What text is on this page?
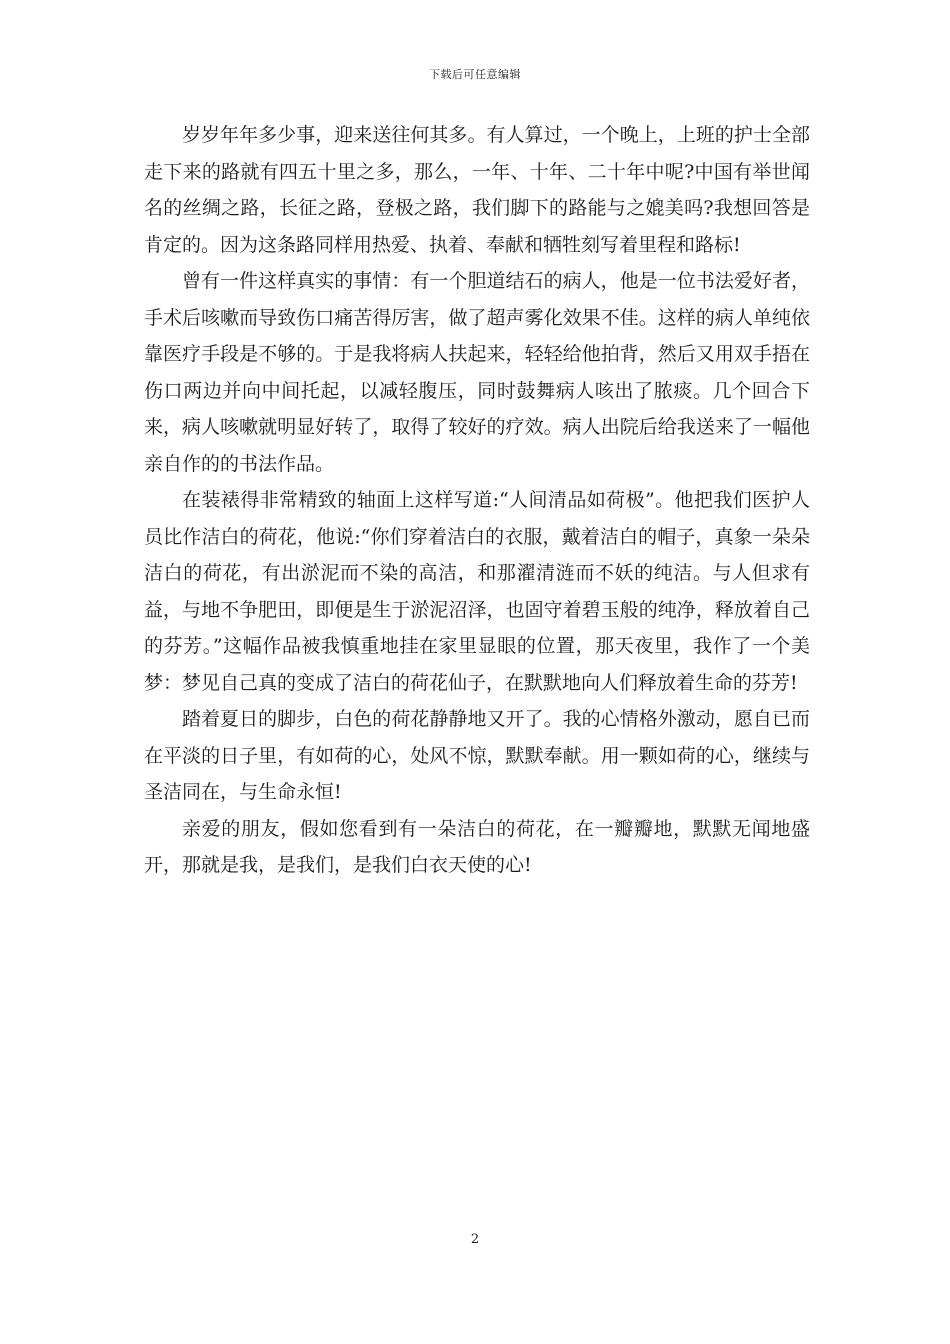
下载后可任意编辑

岁岁年年多少事，迎来送往何其多。有人算过，一个晚上，上班的护士全部走下来的路就有四五十里之多，那么，一年、十年、二十年中呢?中国有举世闻名的丝绸之路，长征之路，登极之路，我们脚下的路能与之媲美吗?我想回答是肯定的。因为这条路同样用热爱、执着、奉献和牺牲刻写着里程和路标!

曾有一件这样真实的事情：有一个胆道结石的病人，他是一位书法爱好者，手术后咳嗽而导致伤口痛苦得厉害，做了超声雾化效果不佳。这样的病人单纯依靠医疗手段是不够的。于是我将病人扶起来，轻轻给他拍背，然后又用双手捂在伤口两边并向中间托起，以减轻腹压，同时鼓舞病人咳出了脓痰。几个回合下来，病人咳嗽就明显好转了，取得了较好的疗效。病人出院后给我送来了一幅他亲自作的的书法作品。

在装裱得非常精致的轴面上这样写道:“人间清品如荷极”。他把我们医护人员比作洁白的荷花，他说:“你们穿着洁白的衣服，戴着洁白的帽子，真象一朵朵洁白的荷花，有出淤泥而不染的高洁，和那濯清涟而不妖的纯洁。与人但求有益，与地不争肥田，即便是生于淤泥沼泽，也固守着碧玉般的纯净，释放着自己的芬芳。”这幅作品被我慎重地挂在家里显眼的位置，那天夜里，我作了一个美梦：梦见自己真的变成了洁白的荷花仙子，在默默地向人们释放着生命的芬芳!

踏着夏日的脚步，白色的荷花静静地又开了。我的心情格外激动，愿自已而在平淡的日子里，有如荷的心，处风不惊，默默奉献。用一颗如荷的心，继续与圣洁同在，与生命永恒!

亲爱的朋友，假如您看到有一朵洁白的荷花，在一瓣瓣地，默默无闻地盛开，那就是我，是我们，是我们白衣天使的心!

2
